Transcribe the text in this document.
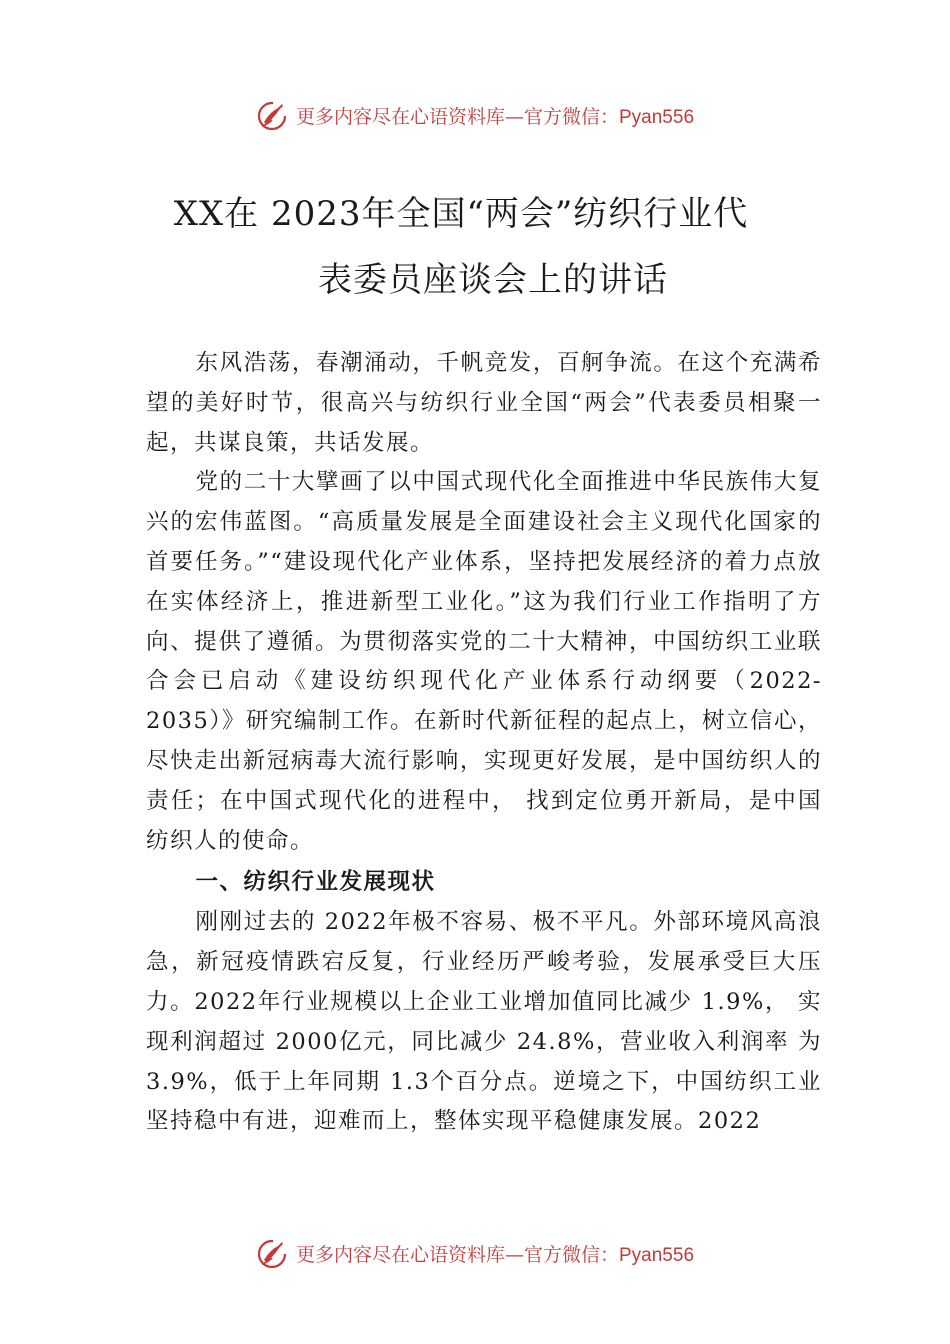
更多内容尽在心语资料库—官方微信：Pyan556
XX在 2023年全国“两会”纺织行业代
表委员座谈会上的讲话

东风浩荡，春潮涌动，千帆竞发，百舸争流。在这个充满希望的美好时节，很高兴与纺织行业全国“两会”代表委员相聚一起，共谋良策，共话发展。

党的二十大擘画了以中国式现代化全面推进中华民族伟大复兴的宏伟蓝图。“高质量发展是全面建设社会主义现代化国家的首要任务。”“建设现代化产业体系，坚持把发展经济的着力点放在实体经济上，推进新型工业化。”这为我们行业工作指明了方向、提供了遵循。为贯彻落实党的二十大精神，中国纺织工业联合会已启动《建设纺织现代化产业体系行动纲要（2022-2035）》研究编制工作。在新时代新征程的起点上，树立信心，尽快走出新冠病毒大流行影响，实现更好发展，是中国纺织人的责任；在中国式现代化的进程中， 找到定位勇开新局，是中国纺织人的使命。

一、纺织行业发展现状

刚刚过去的 2022年极不容易、极不平凡。外部环境风高浪急，新冠疫情跌宕反复，行业经历严峻考验，发展承受巨大压力。2022年行业规模以上企业工业增加值同比减少 1.9%， 实现利润超过 2000亿元，同比减少 24.8%，营业收入利润率 为 3.9%，低于上年同期 1.3个百分点。逆境之下，中国纺织工业坚持稳中有进，迎难而上，整体实现平稳健康发展。2022

更多内容尽在心语资料库—官方微信：Pyan556
